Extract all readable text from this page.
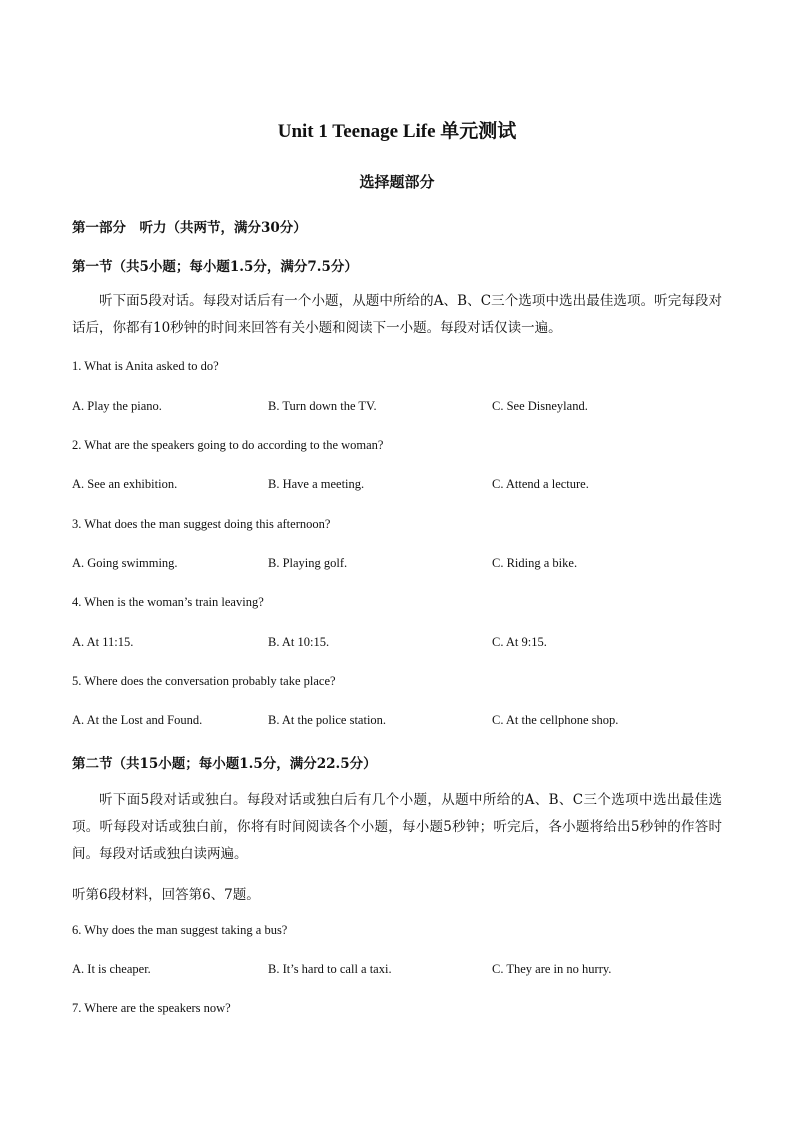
Unit 1 Teenage Life 单元测试
选择题部分
第一部分　听力（共两节，满分30分）
第一节（共5小题；每小题1.5分，满分7.5分）
听下面5段对话。每段对话后有一个小题，从题中所给的A、B、C三个选项中选出最佳选项。听完每段对话后，你都有10秒钟的时间来回答有关小题和阅读下一小题。每段对话仅读一遍。
1. What is Anita asked to do?
A. Play the piano.	B. Turn down the TV.	C. See Disneyland.
2. What are the speakers going to do according to the woman?
A. See an exhibition.	B. Have a meeting.	C. Attend a lecture.
3. What does the man suggest doing this afternoon?
A. Going swimming.	B. Playing golf.	C. Riding a bike.
4. When is the woman’s train leaving?
A. At 11:15.	B. At 10:15.	C. At 9:15.
5. Where does the conversation probably take place?
A. At the Lost and Found.	B. At the police station.	C. At the cellphone shop.
第二节（共15小题；每小题1.5分，满分22.5分）
听下面5段对话或独白。每段对话或独白后有几个小题，从题中所给的A、B、C三个选项中选出最佳选项。听每段对话或独白前，你将有时间阅读各个小题，每小题5秒钟；听完后，各小题将给出5秒钟的作答时间。每段对话或独白读两遍。
听第6段材料，回答第6、7题。
6. Why does the man suggest taking a bus?
A. It is cheaper.	B. It’s hard to call a taxi.	C. They are in no hurry.
7. Where are the speakers now?
